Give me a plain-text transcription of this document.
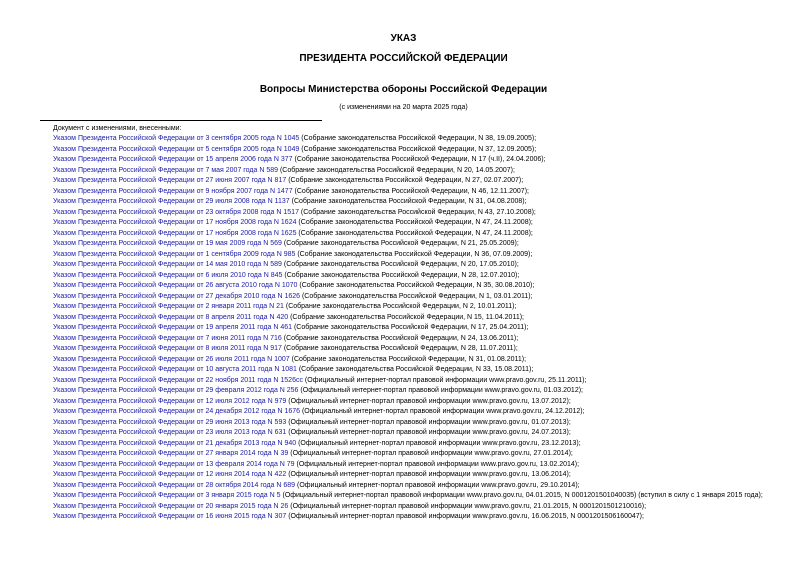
УКАЗ
ПРЕЗИДЕНТА РОССИЙСКОЙ ФЕДЕРАЦИИ
Вопросы Министерства обороны Российской Федерации
(с изменениями на 20 марта 2025 года)
Документ с изменениями, внесенными:
Указом Президента Российской Федерации от 3 сентября 2005 года N 1045 (Собрание законодательства Российской Федерации, N 38, 19.09.2005);
Указом Президента Российской Федерации от 5 сентября 2005 года N 1049 (Собрание законодательства Российской Федерации, N 37, 12.09.2005);
Указом Президента Российской Федерации от 15 апреля 2006 года N 377 (Собрание законодательства Российской Федерации, N 17 (ч.II), 24.04.2006);
Указом Президента Российской Федерации от 7 мая 2007 года N 589 (Собрание законодательства Российской Федерации, N 20, 14.05.2007);
Указом Президента Российской Федерации от 27 июня 2007 года N 817 (Собрание законодательства Российской Федерации, N 27, 02.07.2007);
Указом Президента Российской Федерации от 9 ноября 2007 года N 1477 (Собрание законодательства Российской Федерации, N 46, 12.11.2007);
Указом Президента Российской Федерации от 29 июля 2008 года N 1137 (Собрание законодательства Российской Федерации, N 31, 04.08.2008);
Указом Президента Российской Федерации от 23 октября 2008 года N 1517 (Собрание законодательства Российской Федерации, N 43, 27.10.2008);
Указом Президента Российской Федерации от 17 ноября 2008 года N 1624 (Собрание законодательства Российской Федерации, N 47, 24.11.2008);
Указом Президента Российской Федерации от 17 ноября 2008 года N 1625 (Собрание законодательства Российской Федерации, N 47, 24.11.2008);
Указом Президента Российской Федерации от 19 мая 2009 года N 569 (Собрание законодательства Российской Федерации, N 21, 25.05.2009);
Указом Президента Российской Федерации от 1 сентября 2009 года N 985 (Собрание законодательства Российской Федерации, N 36, 07.09.2009);
Указом Президента Российской Федерации от 14 мая 2010 года N 589 (Собрание законодательства Российской Федерации, N 20, 17.05.2010);
Указом Президента Российской Федерации от 6 июля 2010 года N 845 (Собрание законодательства Российской Федерации, N 28, 12.07.2010);
Указом Президента Российской Федерации от 26 августа 2010 года N 1070 (Собрание законодательства Российской Федерации, N 35, 30.08.2010);
Указом Президента Российской Федерации от 27 декабря 2010 года N 1626 (Собрание законодательства Российской Федерации, N 1, 03.01.2011);
Указом Президента Российской Федерации от 2 января 2011 года N 21 (Собрание законодательства Российской Федерации, N 2, 10.01.2011);
Указом Президента Российской Федерации от 8 апреля 2011 года N 420 (Собрание законодательства Российской Федерации, N 15, 11.04.2011);
Указом Президента Российской Федерации от 19 апреля 2011 года N 461 (Собрание законодательства Российской Федерации, N 17, 25.04.2011);
Указом Президента Российской Федерации от 7 июня 2011 года N 716 (Собрание законодательства Российской Федерации, N 24, 13.06.2011);
Указом Президента Российской Федерации от 8 июля 2011 года N 917 (Собрание законодательства Российской Федерации, N 28, 11.07.2011);
Указом Президента Российской Федерации от 26 июля 2011 года N 1007 (Собрание законодательства Российской Федерации, N 31, 01.08.2011);
Указом Президента Российской Федерации от 10 августа 2011 года N 1081 (Собрание законодательства Российской Федерации, N 33, 15.08.2011);
Указом Президента Российской Федерации от 22 ноября 2011 года N 1526сс (Официальный интернет-портал правовой информации www.pravo.gov.ru, 25.11.2011);
Указом Президента Российской Федерации от 29 февраля 2012 года N 256 (Официальный интернет-портал правовой информации www.pravo.gov.ru, 01.03.2012);
Указом Президента Российской Федерации от 12 июля 2012 года N 979 (Официальный интернет-портал правовой информации www.pravo.gov.ru, 13.07.2012);
Указом Президента Российской Федерации от 24 декабря 2012 года N 1676 (Официальный интернет-портал правовой информации www.pravo.gov.ru, 24.12.2012);
Указом Президента Российской Федерации от 29 июня 2013 года N 593 (Официальный интернет-портал правовой информации www.pravo.gov.ru, 01.07.2013);
Указом Президента Российской Федерации от 23 июля 2013 года N 631 (Официальный интернет-портал правовой информации www.pravo.gov.ru, 24.07.2013);
Указом Президента Российской Федерации от 21 декабря 2013 года N 940 (Официальный интернет-портал правовой информации www.pravo.gov.ru, 23.12.2013);
Указом Президента Российской Федерации от 27 января 2014 года N 39 (Официальный интернет-портал правовой информации www.pravo.gov.ru, 27.01.2014);
Указом Президента Российской Федерации от 13 февраля 2014 года N 79 (Официальный интернет-портал правовой информации www.pravo.gov.ru, 13.02.2014);
Указом Президента Российской Федерации от 12 июня 2014 года N 422 (Официальный интернет-портал правовой информации www.pravo.gov.ru, 13.06.2014);
Указом Президента Российской Федерации от 28 октября 2014 года N 689 (Официальный интернет-портал правовой информации www.pravo.gov.ru, 29.10.2014);
Указом Президента Российской Федерации от 3 января 2015 года N 5 (Официальный интернет-портал правовой информации www.pravo.gov.ru, 04.01.2015, N 0001201501040035) (вступил в силу с 1 января 2015 года);
Указом Президента Российской Федерации от 20 января 2015 года N 26 (Официальный интернет-портал правовой информации www.pravo.gov.ru, 21.01.2015, N 0001201501210016);
Указом Президента Российской Федерации от 16 июня 2015 года N 307 (Официальный интернет-портал правовой информации www.pravo.gov.ru, 16.06.2015, N 0001201506160047);
